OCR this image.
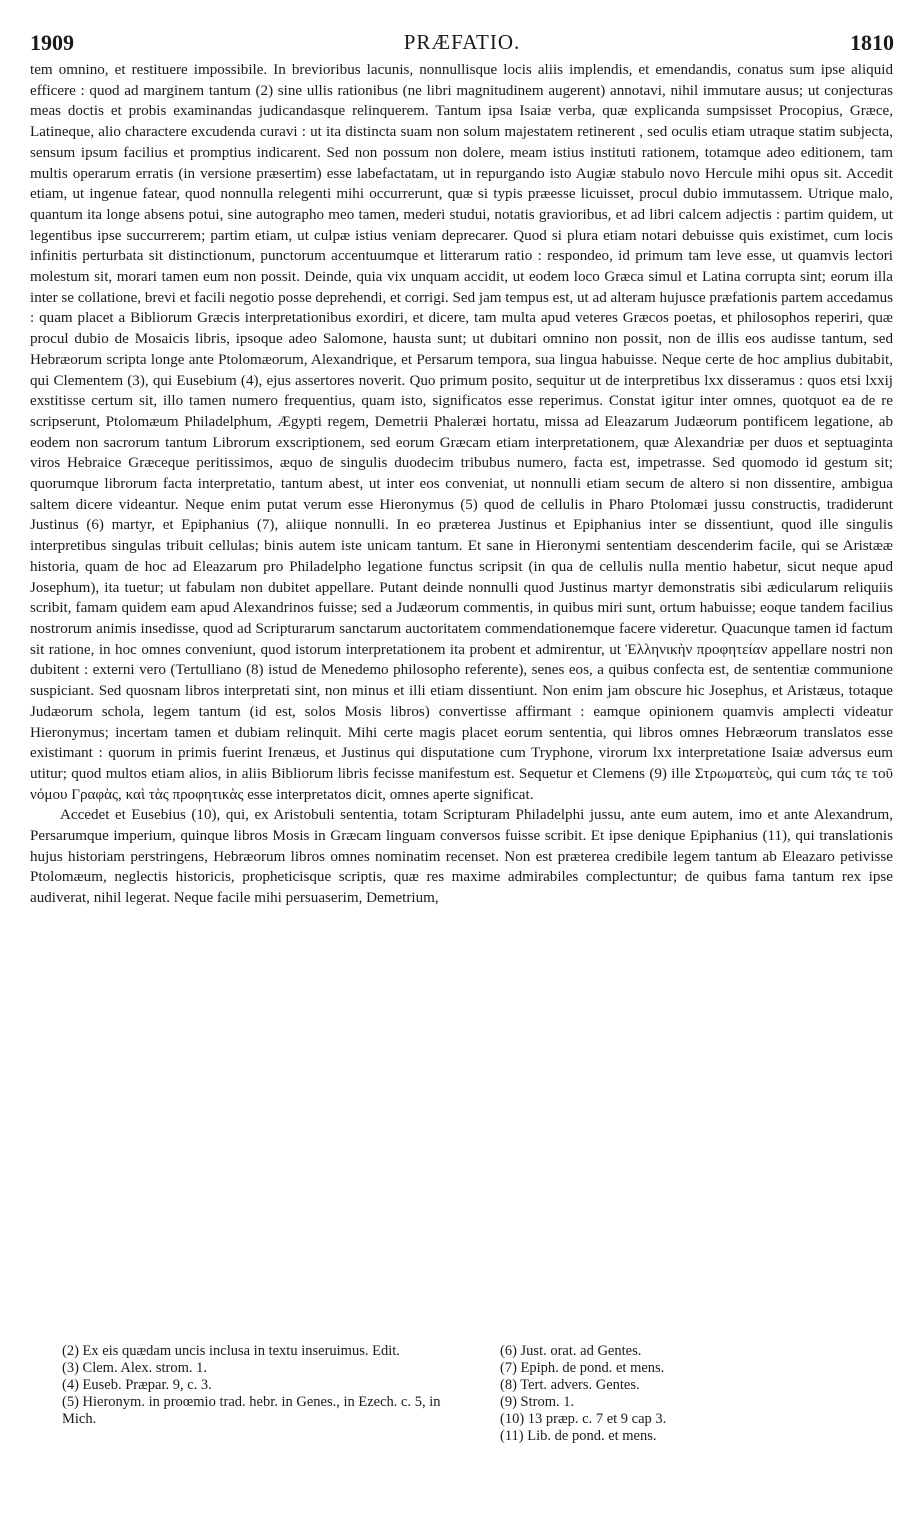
1909	PRÆFATIO.	1810

tem omnino, et restituere impossibile. In brevioribus lacunis, nonnullisque locis aliis implendis, et emendandis, conatus sum ipse aliquid efficere : quod ad marginem tantum (2) sine ullis rationibus (ne libri magnitudinem augerent) annotavi, nihil immutare ausus; ut conjecturas meas doctis et probis examinandas judicandasque relinquerem. Tantum ipsa Isaiæ verba, quæ explicanda sumpsisset Procopius, Græce, Latineque, alio charactere excudenda curavi : ut ita distincta suam non solum majestatem retinerent , sed oculis etiam utraque statim subjecta, sensum ipsum facilius et promptius indicarent. Sed non possum non dolere, meam istius instituti rationem, totamque adeo editionem, tam multis operarum erratis (in versione præsertim) esse labefactatam, ut in repurgando isto Augiæ stabulo novo Hercule mihi opus sit. Accedit etiam, ut ingenue fatear, quod nonnulla relegenti mihi occurrerunt, quæ si typis præesse licuisset, procul dubio immutassem. Utrique malo, quantum ita longe absens potui, sine autographo meo tamen, mederi studui, notatis gravioribus, et ad libri calcem adjectis : partim quidem, ut legentibus ipse succurrerem; partim etiam, ut culpæ istius veniam deprecarer. Quod si plura etiam notari debuisse quis existimet, cum locis infinitis perturbata sit distinctionum, punctorum accentuumque et litterarum ratio : respondeo, id primum tam leve esse, ut quamvis lectori molestum sit, morari tamen eum non possit. Deinde, quia vix unquam accidit, ut eodem loco Græca simul et Latina corrupta sint; eorum illa inter se collatione, brevi et facili negotio posse deprehendi, et corrigi. Sed jam tempus est, ut ad alteram hujusce præfationis partem accedamus : quam placet a Bibliorum Græcis interpretationibus exordiri, et dicere, tam multa apud veteres Græcos poetas, et philosophos reperiri, quæ procul dubio de Mosaicis libris, ipsoque adeo Salomone, hausta sunt; ut dubitari omnino non possit, non de illis eos audisse tantum, sed Hebræorum scripta longe ante Ptolomæorum, Alexandrique, et Persarum tempora, sua lingua habuisse. Neque certe de hoc amplius dubitabit, qui Clementem (3), qui Eusebium (4), ejus assertores noverit. Quo primum posito, sequitur ut de interpretibus lxx disseramus : quos etsi lxxij exstitisse certum sit, illo tamen numero frequentius, quam isto, significatos esse reperimus. Constat igitur inter omnes, quotquot ea de re scripserunt, Ptolomæum Philadelphum, Ægypti regem, Demetrii Phaleræi hortatu, missa ad Eleazarum Judæorum pontificem legatione, ab eodem non sacrorum tantum Librorum exscriptionem, sed eorum Græcam etiam interpretationem, quæ Alexandriæ per duos et septuaginta viros Hebraice Græceque peritissimos, æquo de singulis duodecim tribubus numero, facta est, impetrasse. Sed quomodo id gestum sit; quorumque librorum facta interpretatio, tantum abest, ut inter eos conveniat, ut nonnulli etiam secum de altero si non dissentire, ambigua saltem dicere videantur. Neque enim putat verum esse Hieronymus (5) quod de cellulis in Pharo Ptolomæi jussu constructis, tradiderunt Justinus (6) martyr, et Epiphanius (7), aliique nonnulli. In eo præterea Justinus et Epiphanius inter se dissentiunt, quod ille singulis interpretibus singulas tribuit cellulas; binis autem iste unicam tantum. Et sane in Hieronymi sententiam descenderim facile, qui se Aristææ historia, quam de hoc ad Eleazarum pro Philadelpho legatione functus scripsit (in qua de cellulis nulla mentio habetur, sicut neque apud Josephum), ita tuetur; ut fabulam non dubitet appellare. Putant deinde nonnulli quod Justinus martyr demonstratis sibi ædicularum reliquiis scribit, famam quidem eam apud Alexandrinos fuisse; sed a Judæorum commentis, in quibus miri sunt, ortum habuisse; eoque tandem facilius nostrorum animis insedisse, quod ad Scripturarum sanctarum auctoritatem commendationemque facere videretur. Quacunque tamen id factum sit ratione, in hoc omnes conveniunt, quod istorum interpretationem ita probent et admirentur, ut Ἑλληνικὴν προφητείαν appellare nostri non dubitent : externi vero (Tertulliano (8) istud de Menedemo philosopho referente), senes eos, a quibus confecta est, de sententiæ communione suspiciant. Sed quosnam libros interpretati sint, non minus et illi etiam dissentiunt. Non enim jam obscure hic Josephus, et Aristæus, totaque Judæorum schola, legem tantum (id est, solos Mosis libros) convertisse affirmant : eamque opinionem quamvis amplecti videatur Hieronymus; incertam tamen et dubiam relinquit. Mihi certe magis placet eorum sententia, qui libros omnes Hebræorum translatos esse existimant : quorum in primis fuerint Irenæus, et Justinus qui disputatione cum Tryphone, virorum lxx interpretatione Isaiæ adversus eum utitur; quod multos etiam alios, in aliis Bibliorum libris fecisse manifestum est. Sequetur et Clemens (9) ille Στρωματεὺς, qui cum τάς τε τοῦ νόμου Γραφὰς, καὶ τὰς προφητικὰς esse interpretatos dicit, omnes aperte significat.

Accedet et Eusebius (10), qui, ex Aristobuli sententia, totam Scripturam Philadelphi jussu, ante eum autem, imo et ante Alexandrum, Persarumque imperium, quinque libros Mosis in Græcam linguam conversos fuisse scribit. Et ipse denique Epiphanius (11), qui translationis hujus historiam perstringens, Hebræorum libros omnes nominatim recenset. Non est præterea credibile legem tantum ab Eleazaro petivisse Ptolomæum, neglectis historicis, propheticisque scriptis, quæ res maxime admirabiles complectuntur; de quibus fama tantum rex ipse audiverat, nihil legerat. Neque facile mihi persuaserim, Demetrium,

(2) Ex eis quædam uncis inclusa in textu inseruimus. Edit.

(3) Clem. Alex. strom. 1.

(4) Euseb. Præpar. 9, c. 3.

(5) Hieronym. in proœmio trad. hebr. in Genes., in Ezech. c. 5, in Mich.

(6) Just. orat. ad Gentes.

(7) Epiph. de pond. et mens.

(8) Tert. advers. Gentes.

(9) Strom. 1.

(10) 13 præp. c. 7 et 9 cap 3.

(11) Lib. de pond. et mens.
